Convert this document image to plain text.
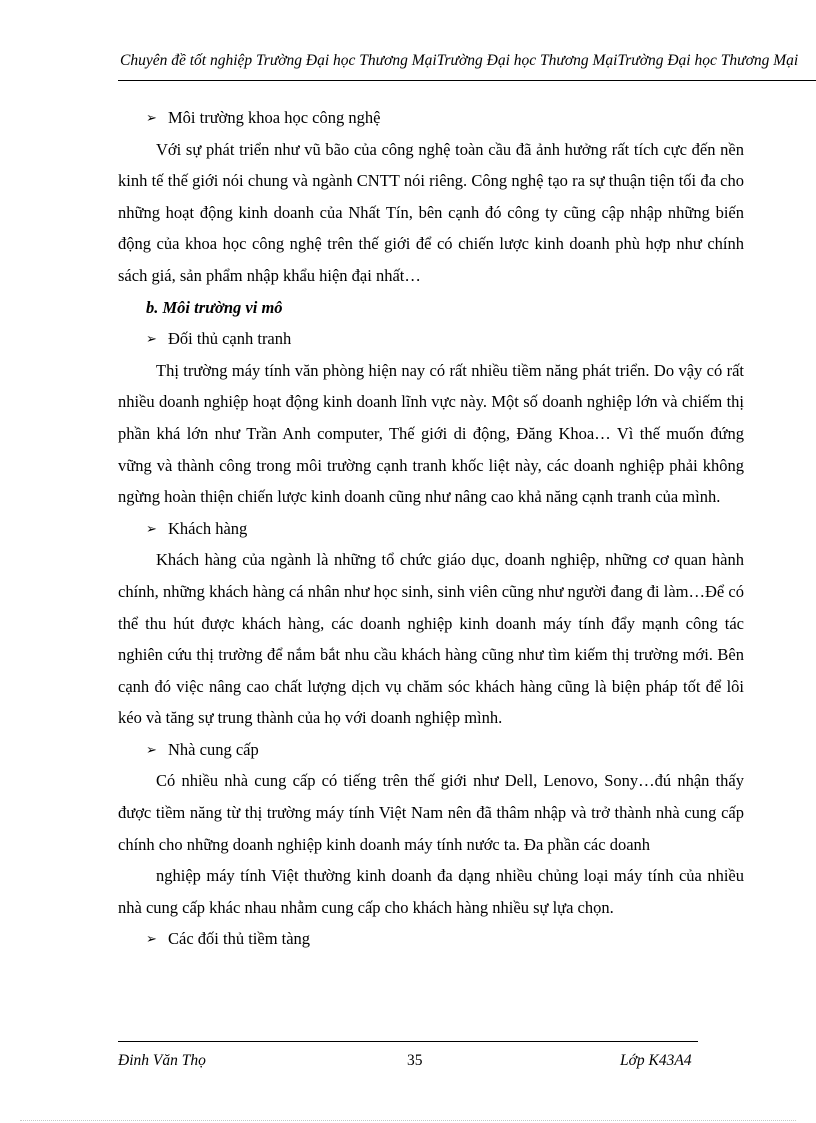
Chuyên đề tốt nghiệp Trường Đại học Thương MạiTrường Đại học Thương MạiTrường Đại học Thương Mại
➢ Môi trường khoa học công nghệ

Với sự phát triển như vũ bão của công nghệ toàn cầu đã ảnh hưởng rất tích cực đến nền kinh tế thế giới nói chung và ngành CNTT nói riêng. Công nghệ tạo ra sự thuận tiện tối đa cho những hoạt động kinh doanh của Nhất Tín, bên cạnh đó công ty cũng cập nhập những biến động của khoa học công nghệ trên thế giới để có chiến lược kinh doanh phù hợp như chính sách giá, sản phẩm nhập khẩu hiện đại nhất…

b. Môi trường vi mô
➢ Đối thủ cạnh tranh

Thị trường máy tính văn phòng hiện nay có rất nhiều tiềm năng phát triển. Do vậy có rất nhiều doanh nghiệp hoạt động kinh doanh lĩnh vực này. Một số doanh nghiệp lớn và chiếm thị phần khá lớn như Trần Anh computer, Thế giới di động, Đăng Khoa… Vì thế muốn đứng vững và thành công trong môi trường cạnh tranh khốc liệt này, các doanh nghiệp phải không ngừng hoàn thiện chiến lược kinh doanh cũng như nâng cao khả năng cạnh tranh của mình.

➢ Khách hàng

Khách hàng của ngành là những tổ chức giáo dục, doanh nghiệp, những cơ quan hành chính, những khách hàng cá nhân như học sinh, sinh viên cũng như người đang đi làm…Để có thể thu hút được khách hàng, các doanh nghiệp kinh doanh máy tính đẩy mạnh công tác nghiên cứu thị trường để nắm bắt nhu cầu khách hàng cũng như tìm kiếm thị trường mới. Bên cạnh đó việc nâng cao chất lượng dịch vụ chăm sóc khách hàng cũng là biện pháp tốt để lôi kéo và tăng sự trung thành của họ với doanh nghiệp mình.

➢ Nhà cung cấp

Có nhiều nhà cung cấp có tiếng trên thế giới như Dell, Lenovo, Sony…đú nhận thấy được tiềm năng từ thị trường máy tính Việt Nam nên đã thâm nhập và trở thành nhà cung cấp chính cho những doanh nghiệp kinh doanh máy tính nước ta. Đa phần các doanh

nghiệp máy tính Việt thường kinh doanh đa dạng nhiều chủng loại máy tính của nhiều nhà cung cấp khác nhau nhằm cung cấp cho khách hàng nhiều sự lựa chọn.

➢ Các đối thủ tiềm tàng
Đinh Văn Thọ	35	Lớp K43A4
